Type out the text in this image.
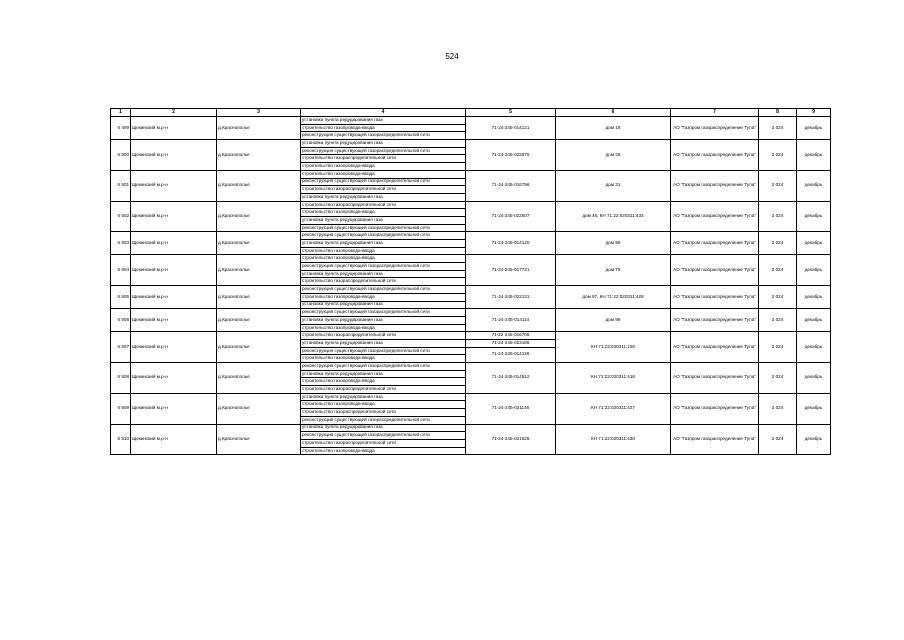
524
1	2	3	4	5	6	7	8	9
6 499	Щекинский м.р-н	д.Краснополье	установка пункта редуцирования газа	71-24-245-014121	дом 19	АО "Газпром газораспределение Тула"	2 024	декабрь
			строительство газопровода-ввода					
			реконструкция существующей газораспределительной сети					
6 500	Щекинский м.р-н	д.Краснополье	установка пункта редуцирования газа	71-24-245-022675	дом 26	АО "Газпром газораспределение Тула"	2 024	декабрь
			реконструкция существующей газораспределительной сети					
			строительство газораспределительной сети					
			строительство газопровода-ввода					
6 501	Щекинский м.р-н	д.Краснополье	строительство газопровода-ввода	71-24-245-016796	дом 31	АО "Газпром газораспределение Тула"	2 024	декабрь
			реконструкция существующей газораспределительной сети					
			строительство газораспределительной сети					
			установка пункта редуцирования газа					
6 502	Щекинский м.р-н	д.Краснополье	строительство газораспределительной сети	71-24-245-022507	дом 46, КН 71:22:020311:434	АО "Газпром газораспределение Тула"	2 024	декабрь
			строительство газопровода-ввода					
			установка пункта редуцирования газа					
			реконструкция существующей газораспределительной сети					
6 503	Щекинский м.р-н	д.Краснополье	реконструкция существующей газораспределительной сети	71-24-245-014120	дом 98	АО "Газпром газораспределение Тула"	2 024	декабрь
			установка пункта редуцирования газа					
			строительство газопровода-ввода					
6 504	Щекинский м.р-н	д.Краснополье	строительство газопровода-ввода	71-24-245-017721	дом 75	АО "Газпром газораспределение Тула"	2 024	декабрь
			реконструкция существующей газораспределительной сети					
			установка пункта редуцирования газа					
			строительство газораспределительной сети					
6 505	Щекинский м.р-н	д.Краснополье	реконструкция существующей газораспределительной сети	71-24-245-022131	дом 97, КН 71:22:020311:428	АО "Газпром газораспределение Тула"	2 024	декабрь
			строительство газопровода-ввода					
			установка пункта редуцирования газа					
6 506	Щекинский м.р-н	д.Краснополье	реконструкция существующей газораспределительной сети	71-24-245-014114	дом 99	АО "Газпром газораспределение Тула"	2 024	декабрь
			установка пункта редуцирования газа					
			строительство газопровода-ввода					
6 507	Щекинский м.р-н	д.Краснополье	строительство газораспределительной сети	71-22-245-016706	КН 71:22:020311:155	АО "Газпром газораспределение Тула"	2 024	декабрь
			установка пункта редуцирования газа	71-24-245-023188				
			реконструкция существующей газораспределительной сети	71-24-245-014126				
			строительство газопровода-ввода					
6 508	Щекинский м.р-н	д.Краснополье	реконструкция существующей газораспределительной сети	71-24-245-014912	КН 71:22:020311:418	АО "Газпром газораспределение Тула"	2 024	декабрь
			установка пункта редуцирования газа					
			строительство газопровода-ввода					
			строительство газораспределительной сети					
6 509	Щекинский м.р-н	д.Краснополье	установка пункта редуцирования газа	71-24-245-021146	КН 71:22:020311:427	АО "Газпром газораспределение Тула"	2 024	декабрь
			строительство газопровода-ввода					
			строительство газораспределительной сети					
			реконструкция существующей газораспределительной сети					
6 510	Щекинский м.р-н	д.Краснополье	установка пункта редуцирования газа	71-24-245-021625	КН 71:22:020311:430	АО "Газпром газораспределение Тула"	2 024	декабрь
			реконструкция существующей газораспределительной сети					
			строительство газораспределительной сети					
			строительство газопровода-ввода					
